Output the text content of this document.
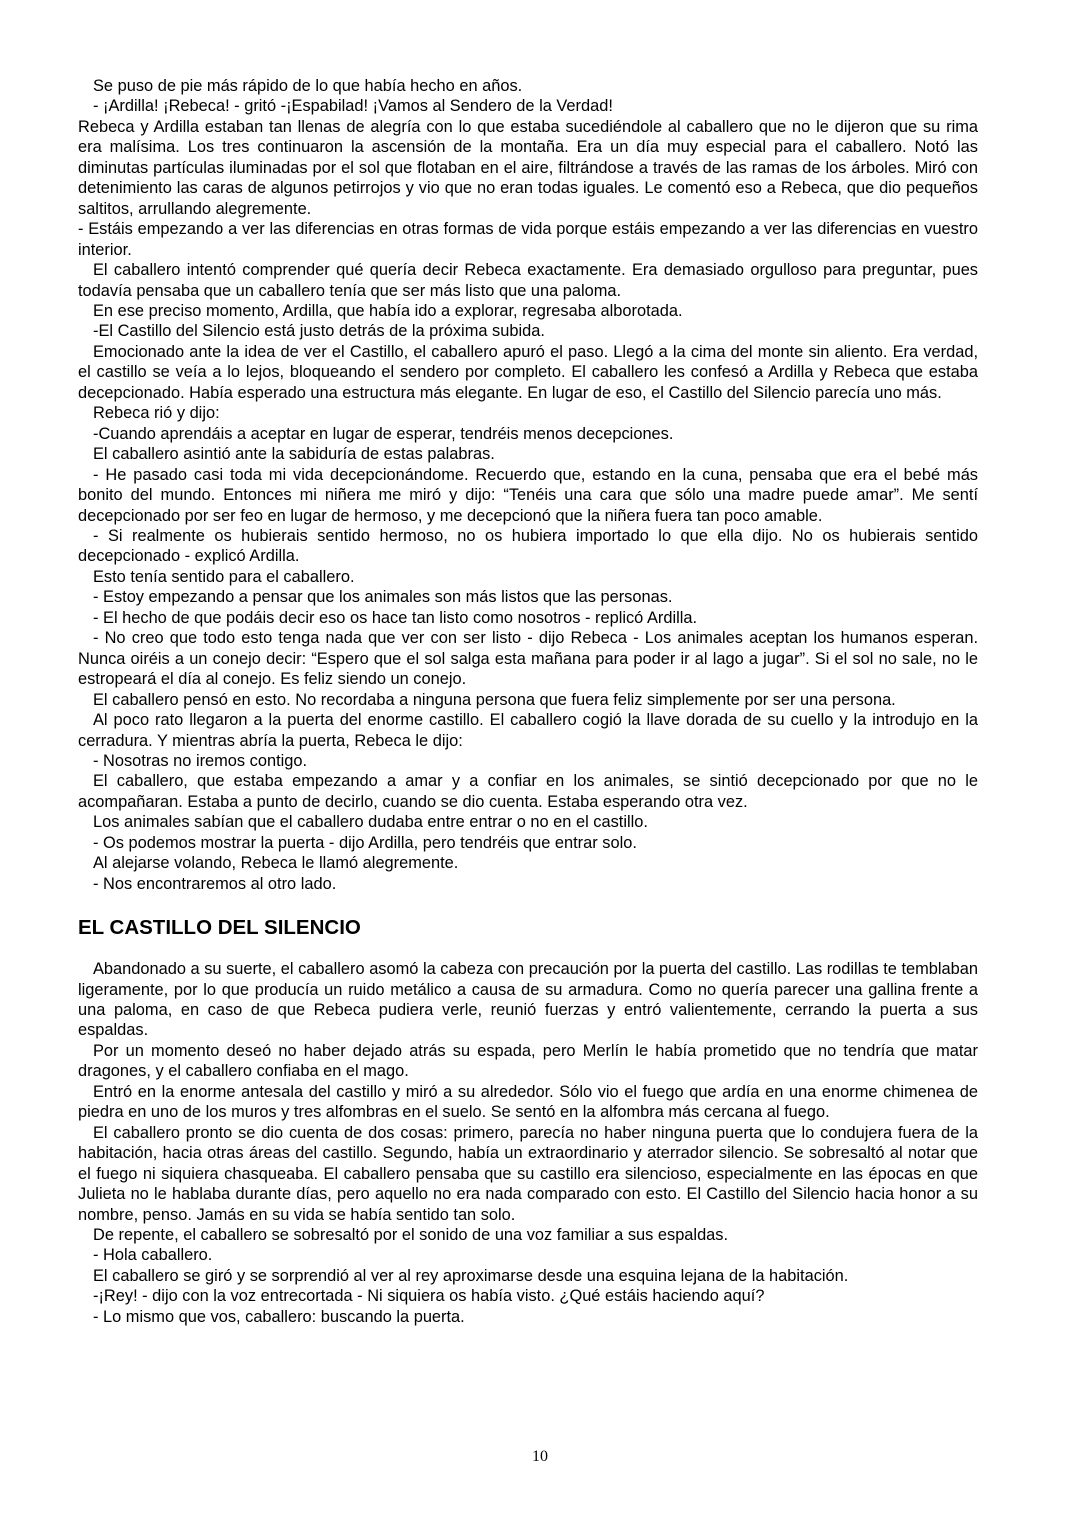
Se puso de pie más rápido de lo que había hecho en años.

- ¡Ardilla! ¡Rebeca! - gritó -¡Espabilad! ¡Vamos al Sendero de la Verdad!

Rebeca y Ardilla estaban tan llenas de alegría con lo que estaba sucediéndole al caballero que no le dijeron que su rima era malísima. Los tres continuaron la ascensión de la montaña. Era un día muy especial para el caballero. Notó las diminutas partículas iluminadas por el sol que flotaban en el aire, filtrándose a través de las ramas de los árboles. Miró con detenimiento las caras de algunos petirrojos y vio que no eran todas iguales. Le comentó eso a Rebeca, que dio pequeños saltitos, arrullando alegremente.

- Estáis empezando a ver las diferencias en otras formas de vida porque estáis empezando a ver las diferencias en vuestro interior.

El caballero intentó comprender qué quería decir Rebeca exactamente. Era demasiado orgulloso para preguntar, pues todavía pensaba que un caballero tenía que ser más listo que una paloma.

En ese preciso momento, Ardilla, que había ido a explorar, regresaba alborotada.

-El Castillo del Silencio está justo detrás de la próxima subida.

Emocionado ante la idea de ver el Castillo, el caballero apuró el paso. Llegó a la cima del monte sin aliento. Era verdad, el castillo se veía a lo lejos, bloqueando el sendero por completo. El caballero les confesó a Ardilla y Rebeca que estaba decepcionado. Había esperado una estructura más elegante. En lugar de eso, el Castillo del Silencio parecía uno más.

Rebeca rió y dijo:

-Cuando aprendáis a aceptar en lugar de esperar, tendréis menos decepciones.

El caballero asintió ante la sabiduría de estas palabras.

- He pasado casi toda mi vida decepcionándome. Recuerdo que, estando en la cuna, pensaba que era el bebé más bonito del mundo. Entonces mi niñera me miró y dijo: “Tenéis una cara que sólo una madre puede amar”. Me sentí decepcionado por ser feo en lugar de hermoso, y me decepcionó que la niñera fuera tan poco amable.

- Si realmente os hubierais sentido hermoso, no os hubiera importado lo que ella dijo. No os hubierais sentido decepcionado - explicó Ardilla.

Esto tenía sentido para el caballero.

- Estoy empezando a pensar que los animales son más listos que las personas.

- El hecho de que podáis decir eso os hace tan listo como nosotros - replicó Ardilla.

- No creo que todo esto tenga nada que ver con ser listo - dijo Rebeca - Los animales aceptan los humanos esperan. Nunca oiréis a un conejo decir: “Espero que el sol salga esta mañana para poder ir al lago a jugar”. Si el sol no sale, no le estropeará el día al conejo. Es feliz siendo un conejo.

El caballero pensó en esto. No recordaba a ninguna persona que fuera feliz simplemente por ser una persona.

Al poco rato llegaron a la puerta del enorme castillo. El caballero cogió la llave dorada de su cuello y la introdujo en la cerradura. Y mientras abría la puerta, Rebeca le dijo:

- Nosotras no iremos contigo.

El caballero, que estaba empezando a amar y a confiar en los animales, se sintió decepcionado por que no le acompañaran. Estaba a punto de decirlo, cuando se dio cuenta. Estaba esperando otra vez.

Los animales sabían que el caballero dudaba entre entrar o no en el castillo.

- Os podemos mostrar la puerta - dijo Ardilla, pero tendréis que entrar solo.

Al alejarse volando, Rebeca le llamó alegremente.

- Nos encontraremos al otro lado.

EL CASTILLO DEL SILENCIO

Abandonado a su suerte, el caballero asomó la cabeza con precaución por la puerta del castillo. Las rodillas te temblaban ligeramente, por lo que producía un ruido metálico a causa de su armadura. Como no quería parecer una gallina frente a una paloma, en caso de que Rebeca pudiera verle, reunió fuerzas y entró valientemente, cerrando la puerta a sus espaldas.

Por un momento deseó no haber dejado atrás su espada, pero Merlín le había prometido que no tendría que matar dragones, y el caballero confiaba en el mago.

Entró en la enorme antesala del castillo y miró a su alrededor. Sólo vio el fuego que ardía en una enorme chimenea de piedra en uno de los muros y tres alfombras en el suelo. Se sentó en la alfombra más cercana al fuego.

El caballero pronto se dio cuenta de dos cosas: primero, parecía no haber ninguna puerta que lo condujera fuera de la habitación, hacia otras áreas del castillo. Segundo, había un extraordinario y aterrador silencio. Se sobresaltó al notar que el fuego ni siquiera chasqueaba. El caballero pensaba que su castillo era silencioso, especialmente en las épocas en que Julieta no le hablaba durante días, pero aquello no era nada comparado con esto. El Castillo del Silencio hacia honor a su nombre, penso. Jamás en su vida se había sentido tan solo.

De repente, el caballero se sobresaltó por el sonido de una voz familiar a sus espaldas.

- Hola caballero.

El caballero se giró y se sorprendió al ver al rey aproximarse desde una esquina lejana de la habitación.

-¡Rey! - dijo con la voz entrecortada - Ni siquiera os había visto. ¿Qué estáis haciendo aquí?

- Lo mismo que vos, caballero: buscando la puerta.

10
